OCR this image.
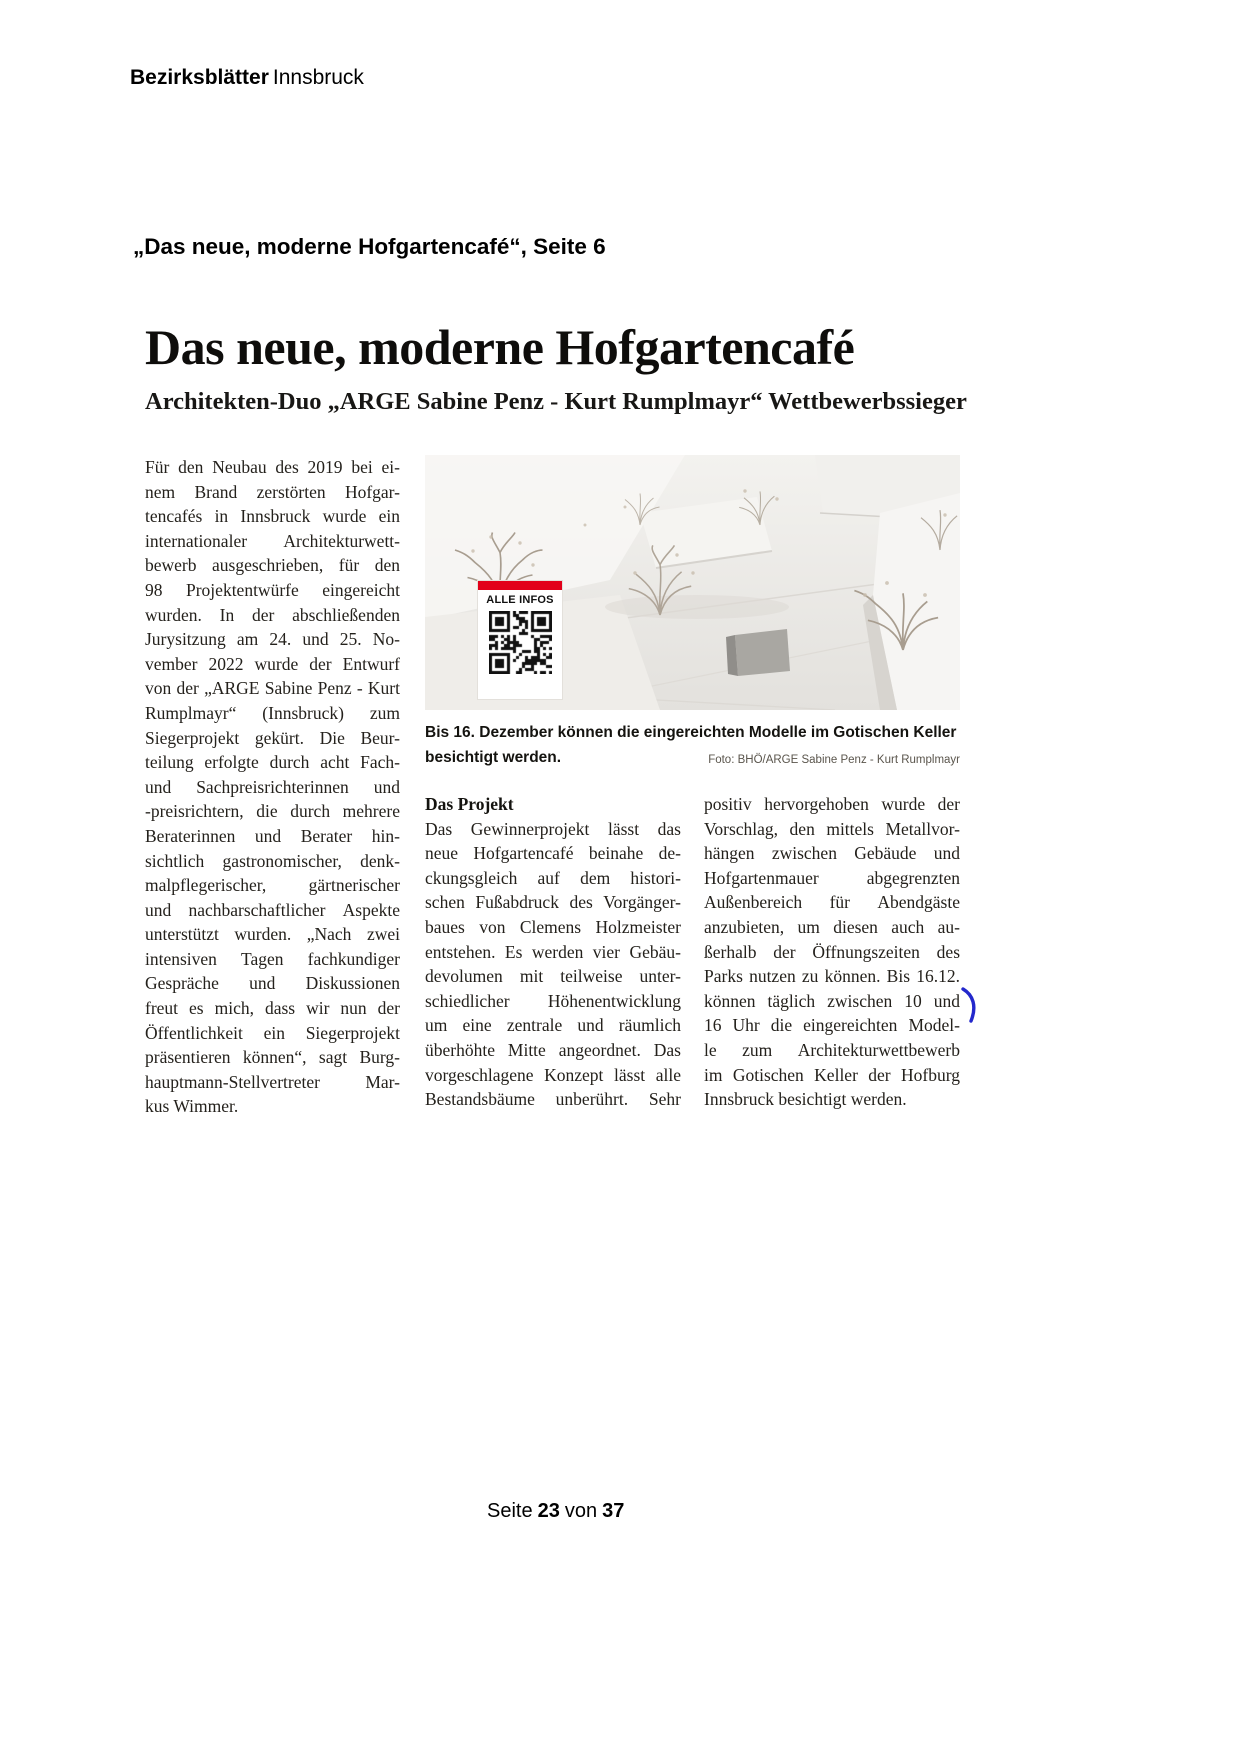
Bezirksblätter Innsbruck
„Das neue, moderne Hofgartencafé“, Seite 6
Das neue, moderne Hofgartencafé
Architekten-Duo „ARGE Sabine Penz - Kurt Rumplmayr“ Wettbewerbssieger
Für den Neubau des 2019 bei ei-
nem Brand zerstörten Hofgar-
tencafés in Innsbruck wurde ein
internationaler Architekturwett-
bewerb ausgeschrieben, für den
98 Projektentwürfe eingereicht
wurden. In der abschließenden
Jurysitzung am 24. und 25. No-
vember 2022 wurde der Entwurf
von der „ARGE Sabine Penz - Kurt
Rumplmayr“ (Innsbruck) zum
Siegerprojekt gekürt. Die Beur-
teilung erfolgte durch acht Fach-
und Sachpreisrichterinnen und
-preisrichtern, die durch mehrere
Beraterinnen und Berater hin-
sichtlich gastronomischer, denk-
malpflegerischer, gärtnerischer
und nachbarschaftlicher Aspekte
unterstützt wurden. „Nach zwei
intensiven Tagen fachkundiger
Gespräche und Diskussionen
freut es mich, dass wir nun der
Öffentlichkeit ein Siegerprojekt
präsentieren können“, sagt Burg-
hauptmann-Stellvertreter	Mar-
kus Wimmer.
ALLE INFOS
Bis 16. Dezember können die eingereichten Modelle im Gotischen Keller
besichtigt werden.	Foto: BHÖ/ARGE Sabine Penz - Kurt Rumplmayr
Das Projekt
Das Gewinnerprojekt lässt das
neue Hofgartencafé beinahe de-
ckungsgleich auf dem histori-
schen Fußabdruck des Vorgänger-
baues von Clemens Holzmeister
entstehen. Es werden vier Gebäu-
devolumen mit teilweise unter-
schiedlicher Höhenentwicklung
um eine zentrale und räumlich
überhöhte Mitte angeordnet. Das
vorgeschlagene Konzept lässt alle
Bestandsbäume unberührt. Sehr
positiv hervorgehoben wurde der
Vorschlag, den mittels Metallvor-
hängen zwischen Gebäude und
Hofgartenmauer	abgegrenzten
Außenbereich für Abendgäste
anzubieten, um diesen auch au-
ßerhalb der Öffnungszeiten des
Parks nutzen zu können. Bis 16.12.
können täglich zwischen 10 und
16 Uhr die eingereichten Model-
le zum Architekturwettbewerb
im Gotischen Keller der Hofburg
Innsbruck besichtigt werden.
Seite 23 von 37
